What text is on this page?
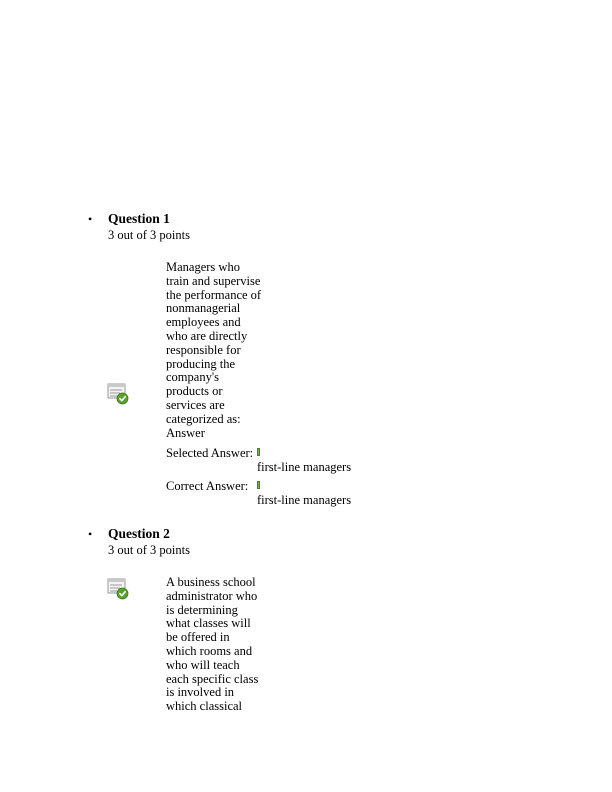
• Question 1
3 out of 3 points
Managers who train and supervise the performance of nonmanagerial employees and who are directly responsible for producing the company's products or services are categorized as: Answer
Selected Answer:
first-line managers
Correct Answer:
first-line managers
• Question 2
3 out of 3 points
A business school administrator who is determining what classes will be offered in which rooms and who will teach each specific class is involved in which classical
